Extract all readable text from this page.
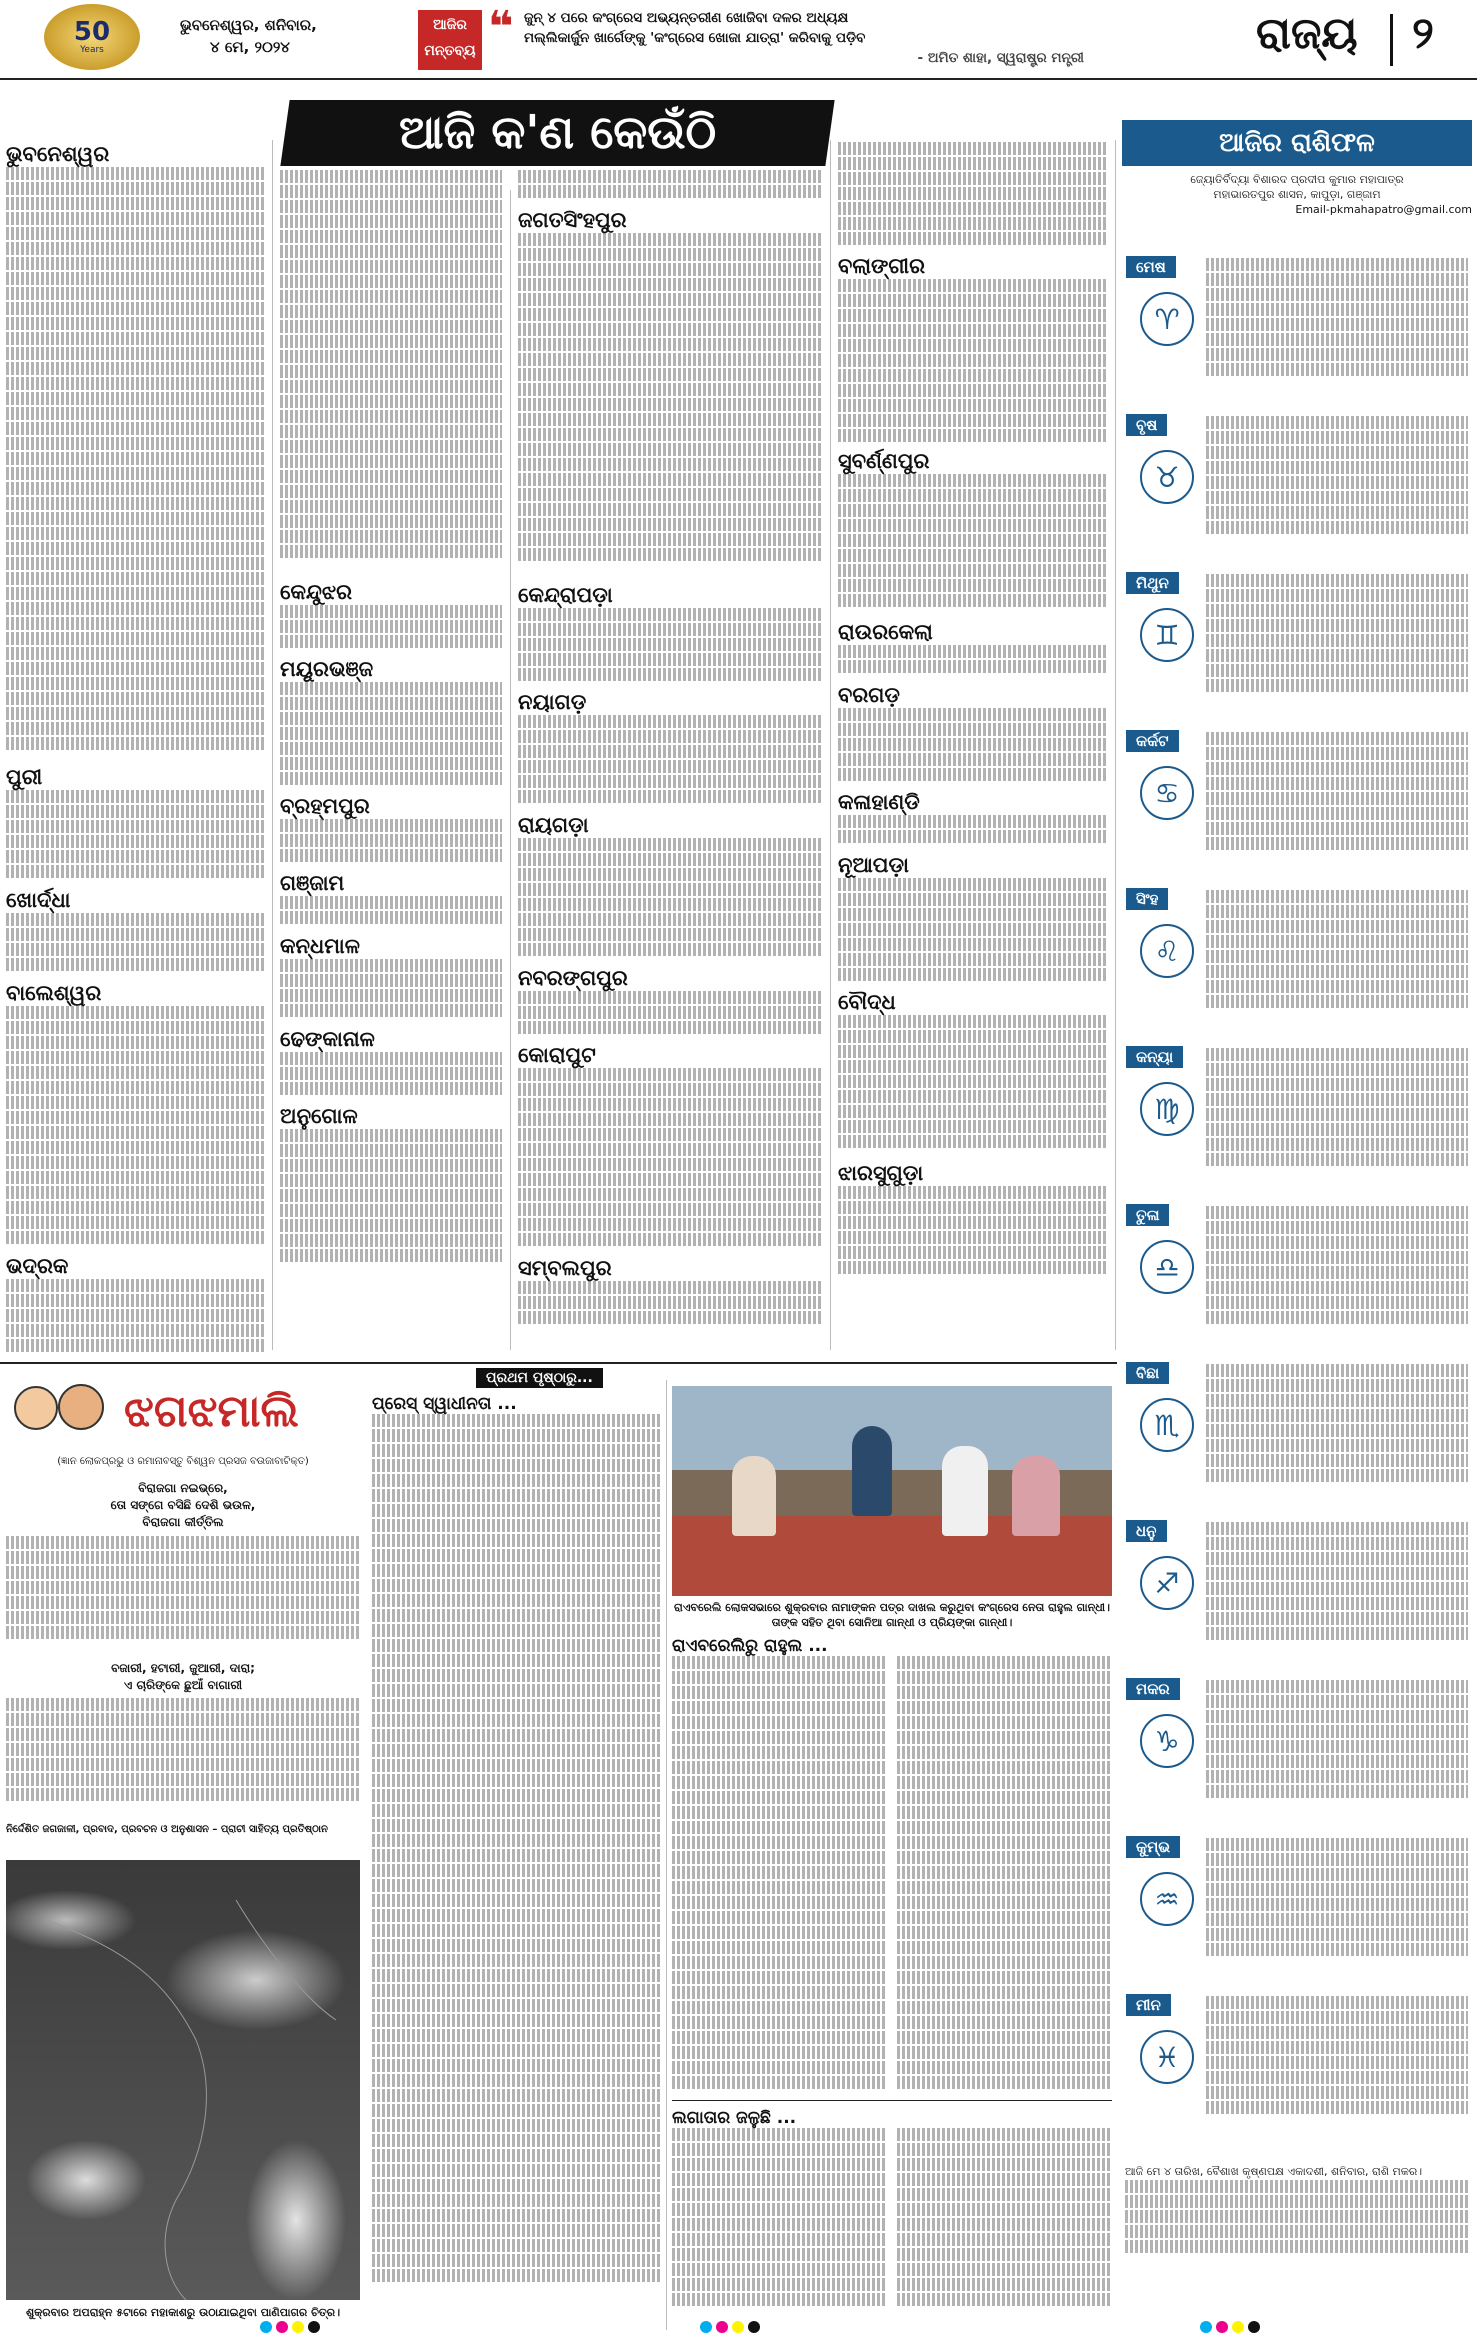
50
Years
ଭୁବନେଶ୍ୱର, ଶନିବାର,
୪ ମେ, ୨୦୨୪
ଆଜିର ମନ୍ତବ୍ୟ ❝ ଜୁନ୍ ୪ ପରେ କଂଗ୍ରେସ ଅଭ୍ୟନ୍ତରୀଣ ଖୋଜିବା ଦଳର ଅଧ୍ୟକ୍ଷ
ମଲ୍ଲିକାର୍ଜୁନ ଖାର୍ଗେଙ୍କୁ 'କଂଗ୍ରେସ ଖୋଜା ଯାତ୍ରା' କରିବାକୁ ପଡ଼ିବ
- ଅମିତ ଶାହା, ସ୍ୱରାଷ୍ଟ୍ର ମନ୍ତ୍ରୀ	ରାଜ୍ୟ ୨
ଆଜି କ'ଣ କେଉଁଠି
ଭୁବନେଶ୍ୱର
ପୁରୀ
ଖୋର୍ଦ୍ଧା
ବାଲେଶ୍ୱର
ଭଦ୍ରକ
କେନ୍ଦୁଝର
ମୟୂରଭଞ୍ଜ
ବ୍ରହ୍ମପୁର
ଗଞ୍ଜାମ
କନ୍ଧମାଳ
ଢେଙ୍କାନାଳ
ଅନୁଗୋଳ
ଜଗତସିଂହପୁର
କେନ୍ଦ୍ରାପଡ଼ା
ନୟାଗଡ଼
ରାୟଗଡ଼ା
ନବରଙ୍ଗପୁର
କୋରାପୁଟ
ସମ୍ବଲପୁର
ବଲାଙ୍ଗୀର
ସୁବର୍ଣ୍ଣପୁର
ରାଉରକେଲା
ବରଗଡ଼
କଳାହାଣ୍ଡି
ନୂଆପଡ଼ା
ବୌଦ୍ଧ
ଝାରସୁଗୁଡ଼ା
ଆଜିର ରାଶିଫଳ
ଜ୍ୟୋତିର୍ବିଦ୍ୟା ବିଶାରଦ ପ୍ରଦୀପ କୁମାର ମହାପାତ୍ର
ମହାଭାରତପୁର ଶାସନ, କାପୁଡ଼ା, ଗଞ୍ଜାମ
Email-pkmahapatro@gmail.com
ମେଷ
♈
ବୃଷ
♉
ମିଥୁନ
♊
କର୍କଟ
♋
ସିଂହ
♌
କନ୍ୟା
♍
ତୁଳା
♎
ବିଛା
♏
ଧନୁ
♐
ମକର
♑
କୁମ୍ଭ
♒
ମୀନ
♓
ଆଜି ମେ ୪ ତାରିଖ, ବୈଶାଖ କୃଷ୍ଣପକ୍ଷ ଏକାଦଶୀ, ଶନିବାର, ରାଶି ମକର।
ଝଗଝମାଲି
(ଜ୍ଞାନ ଲୋକପ୍ରଭୁ ଓ ରମାନାବସ୍ତୁ ବିଶ୍ୱନ ପ୍ରସଜ ବଉଜାବାଟିକ୍ତ)
ବିରାଜଗା ନଇଭ୍ରେ,
ତୋ ସଙ୍ଗେ ବସିଛି ଦେଶି ଭଉଳ,
ବିରାଜଗା କୀର୍ତ୍ତିଲ
ବଜାରୀ, ହଟାରୀ, ଜୁଆରୀ, ଦାରା;
ଏ ଚାରିଙ୍କେ ଛୁଆଁ ବାଗାରୀ
ନିର୍ଦ୍ଦେଶିତ ଜଗଜାଳୀ, ପ୍ରବାଦ, ପ୍ରବଚନ ଓ ଅନୁଶାସନ – ପ୍ରାଚୀ ସାହିତ୍ୟ ପ୍ରତିଷ୍ଠାନ
ଶୁକ୍ରବାର ଅପରାହ୍ନ ୫ଟାରେ ମହାକାଶରୁ ଉଠାଯାଇଥିବା ପାଣିପାଗର ଚିତ୍ର।
ପ୍ରଥମ ପୃଷ୍ଠାରୁ...
ପ୍ରେସ୍ ସ୍ୱାଧୀନତା ...
ରାଏବରେଲି ଲୋକସଭାରେ ଶୁକ୍ରବାର ନାମାଙ୍କନ ପତ୍ର ଦାଖଲ କରୁଥିବା କଂଗ୍ରେସ ନେତା ରାହୁଲ ଗାନ୍ଧୀ। ତାଙ୍କ ସହିତ ଥିବା ସୋନିଆ ଗାନ୍ଧୀ ଓ ପ୍ରିୟଙ୍କା ଗାନ୍ଧୀ।
ରାଏବରେଲିରୁ ରାହୁଲ ...
ଲଗାତାର ଜଳୁଛି ...
